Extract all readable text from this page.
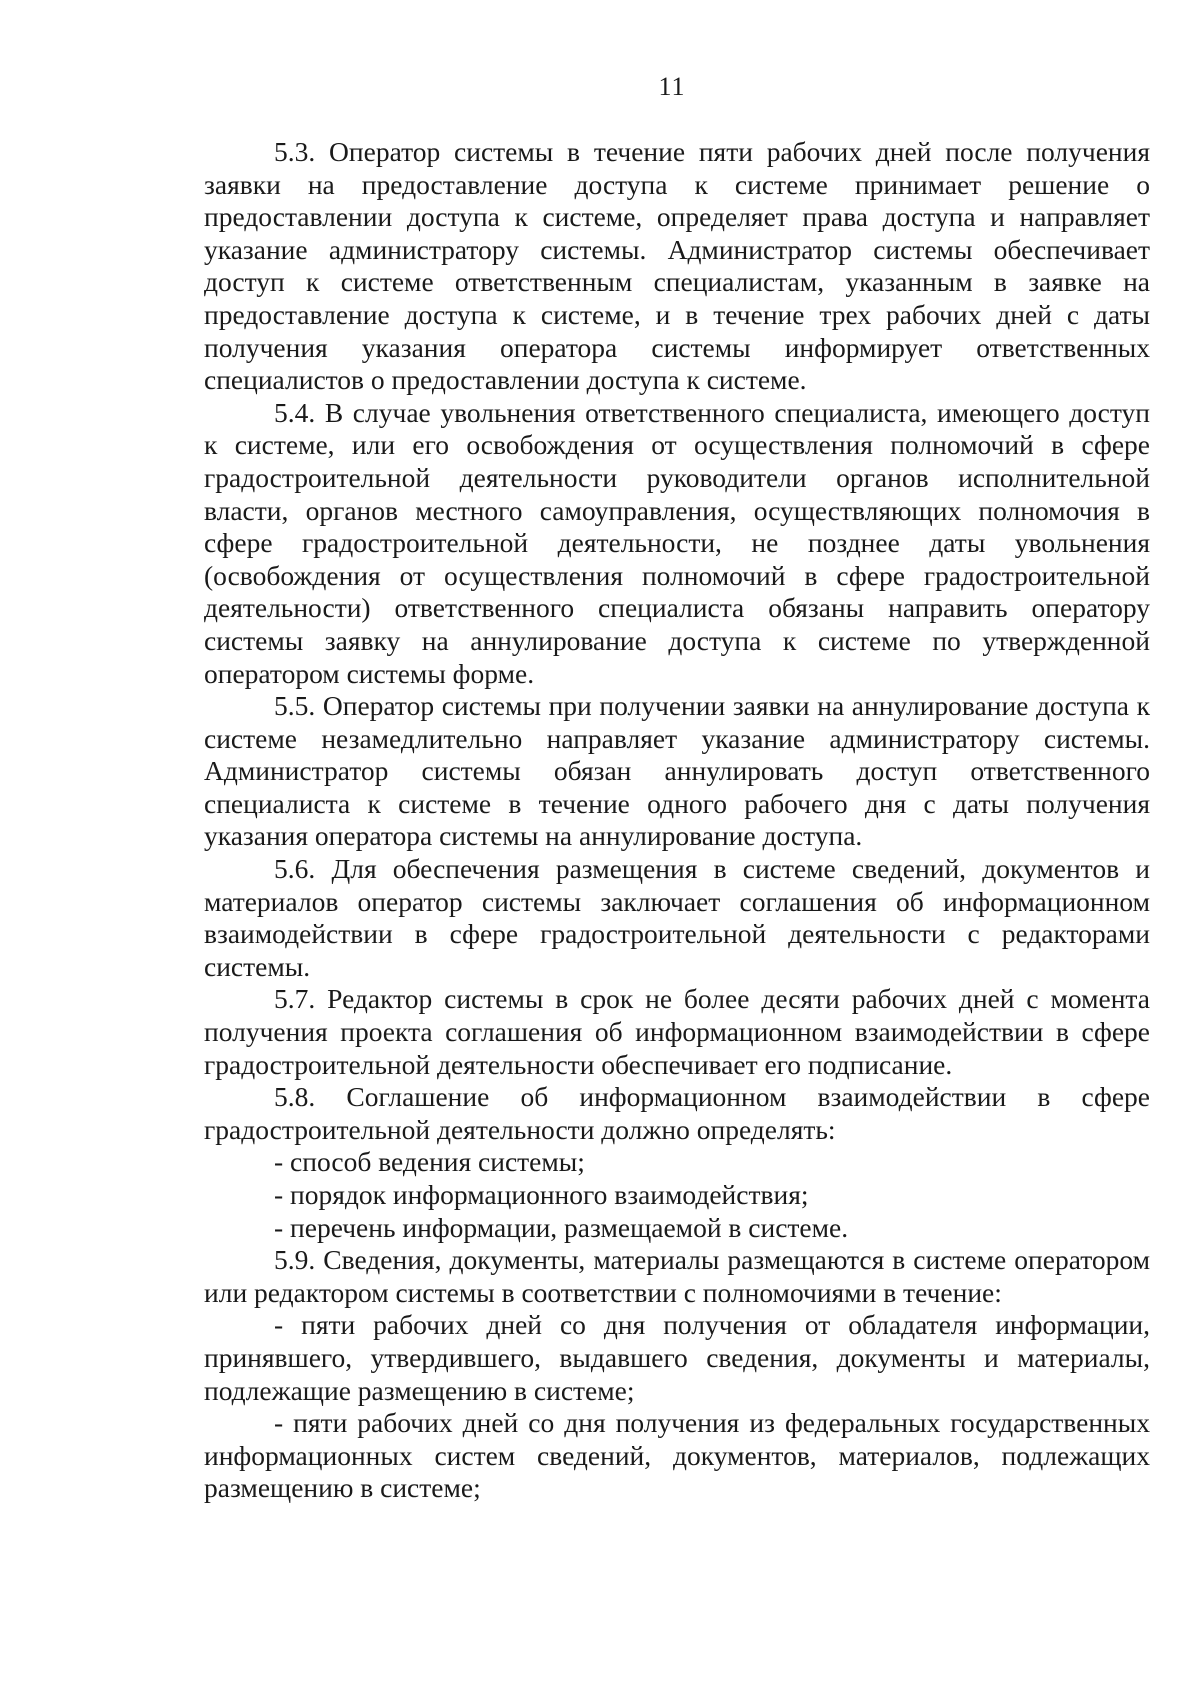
11

5.3. Оператор системы в течение пяти рабочих дней после получения заявки на предоставление доступа к системе принимает решение о предоставлении доступа к системе, определяет права доступа и направляет указание администратору системы. Администратор системы обеспечивает доступ к системе ответственным специалистам, указанным в заявке на предоставление доступа к системе, и в течение трех рабочих дней с даты получения указания оператора системы информирует ответственных специалистов о предоставлении доступа к системе.

5.4. В случае увольнения ответственного специалиста, имеющего доступ к системе, или его освобождения от осуществления полномочий в сфере градостроительной деятельности руководители органов исполнительной власти, органов местного самоуправления, осуществляющих полномочия в сфере градостроительной деятельности, не позднее даты увольнения (освобождения от осуществления полномочий в сфере градостроительной деятельности) ответственного специалиста обязаны направить оператору системы заявку на аннулирование доступа к системе по утвержденной оператором системы форме.

5.5. Оператор системы при получении заявки на аннулирование доступа к системе незамедлительно направляет указание администратору системы. Администратор системы обязан аннулировать доступ ответственного специалиста к системе в течение одного рабочего дня с даты получения указания оператора системы на аннулирование доступа.

5.6. Для обеспечения размещения в системе сведений, документов и материалов оператор системы заключает соглашения об информационном взаимодействии в сфере градостроительной деятельности с редакторами системы.

5.7. Редактор системы в срок не более десяти рабочих дней с момента получения проекта соглашения об информационном взаимодействии в сфере градостроительной деятельности обеспечивает его подписание.

5.8. Соглашение об информационном взаимодействии в сфере градостроительной деятельности должно определять:

- способ ведения системы;

- порядок информационного взаимодействия;

- перечень информации, размещаемой в системе.

5.9. Сведения, документы, материалы размещаются в системе оператором или редактором системы в соответствии с полномочиями в течение:

- пяти рабочих дней со дня получения от обладателя информации, принявшего, утвердившего, выдавшего сведения, документы и материалы, подлежащие размещению в системе;

- пяти рабочих дней со дня получения из федеральных государственных информационных систем сведений, документов, материалов, подлежащих размещению в системе;
